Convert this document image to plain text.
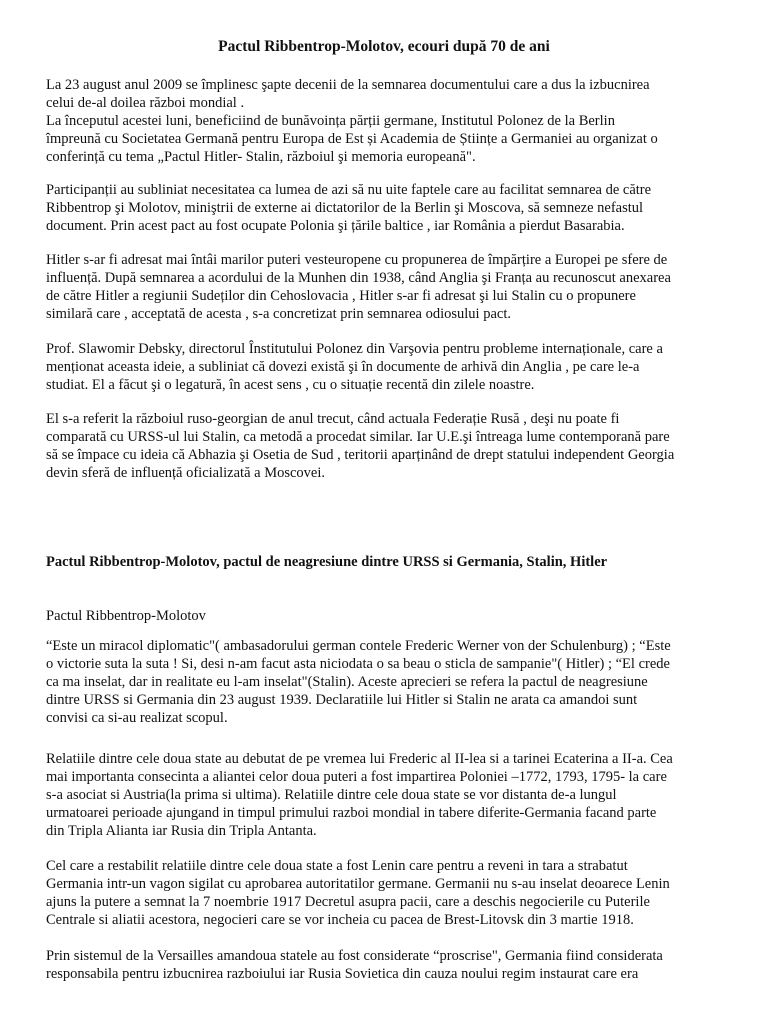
Pactul Ribbentrop-Molotov, ecouri după 70 de ani

La 23 august anul 2009 se împlinesc şapte decenii de la semnarea documentului care a dus la izbucnirea
celui de-al doilea război mondial .
La începutul acestei luni, beneficiind de bunăvoința părții germane, Institutul Polonez de la Berlin
împreună cu Societatea Germană pentru Europa de Est și Academia de Științe a Germaniei au organizat o
conferință cu tema „Pactul Hitler- Stalin, războiul şi memoria europeană".

Participanții au subliniat necesitatea ca lumea de azi să nu uite faptele care au facilitat semnarea de către
Ribbentrop şi Molotov, miniştrii de externe ai dictatorilor de la Berlin şi Moscova, să semneze nefastul
document. Prin acest pact au fost ocupate Polonia şi țările baltice , iar România a pierdut Basarabia.

Hitler s-ar fi adresat mai întâi marilor puteri vesteuropene cu propunerea de împărțire a Europei pe sfere de
influență. După semnarea a acordului de la Munhen din 1938, când Anglia şi Franța au recunoscut anexarea
de către Hitler a regiunii Sudeților din Cehoslovacia , Hitler s-ar fi adresat şi lui Stalin cu o propunere
similară care , acceptată de acesta , s-a concretizat prin semnarea odiosului pact.

Prof. Slawomir Debsky, directorul Înstitutului Polonez din Varşovia pentru probleme internaționale, care a
menționat aceasta ideie, a subliniat că dovezi există şi în documente de arhivă din Anglia , pe care le-a
studiat. El a făcut şi o legatură, în acest sens , cu o situație recentă din zilele noastre.

El s-a referit la războiul ruso-georgian de anul trecut, când actuala Federație Rusă , deşi nu poate fi
comparată cu URSS-ul lui Stalin, ca metodă a procedat similar. Iar U.E.şi întreaga lume contemporană pare
să se împace cu ideia că Abhazia şi Osetia de Sud , teritorii aparținând de drept statului independent Georgia
devin sferă de influență oficializată a Moscovei.

Pactul Ribbentrop-Molotov, pactul de neagresiune dintre URSS si Germania, Stalin, Hitler

Pactul Ribbentrop-Molotov

“Este un miracol diplomatic"( ambasadorului german contele Frederic Werner von der Schulenburg) ; “Este
o victorie suta la suta ! Si, desi n-am facut asta niciodata o sa beau o sticla de sampanie"( Hitler) ; “El crede
ca ma inselat, dar in realitate eu l-am inselat"(Stalin). Aceste aprecieri se refera la pactul de neagresiune
dintre URSS si Germania din 23 august 1939. Declaratiile lui Hitler si Stalin ne arata ca amandoi sunt
convisi ca si-au realizat scopul.

Relatiile dintre cele doua state au debutat de pe vremea lui Frederic al II-lea si a tarinei Ecaterina a II-a. Cea
mai importanta consecinta a aliantei celor doua puteri a fost impartirea Poloniei –1772, 1793, 1795- la care
s-a asociat si Austria(la prima si ultima). Relatiile dintre cele doua state se vor distanta de-a lungul
urmatoarei perioade ajungand in timpul primului razboi mondial in tabere diferite-Germania facand parte
din Tripla Alianta iar Rusia din Tripla Antanta.

Cel care a restabilit relatiile dintre cele doua state a fost Lenin care pentru a reveni in tara a strabatut
Germania intr-un vagon sigilat cu aprobarea autoritatilor germane. Germanii nu s-au inselat deoarece Lenin
ajuns la putere a semnat la 7 noembrie 1917 Decretul asupra pacii, care a deschis negocierile cu Puterile
Centrale si aliatii acestora, negocieri care se vor incheia cu pacea de Brest-Litovsk din 3 martie 1918.

Prin sistemul de la Versailles amandoua statele au fost considerate “proscrise", Germania fiind considerata
responsabila pentru izbucnirea razboiului iar Rusia Sovietica din cauza noului regim instaurat care era
